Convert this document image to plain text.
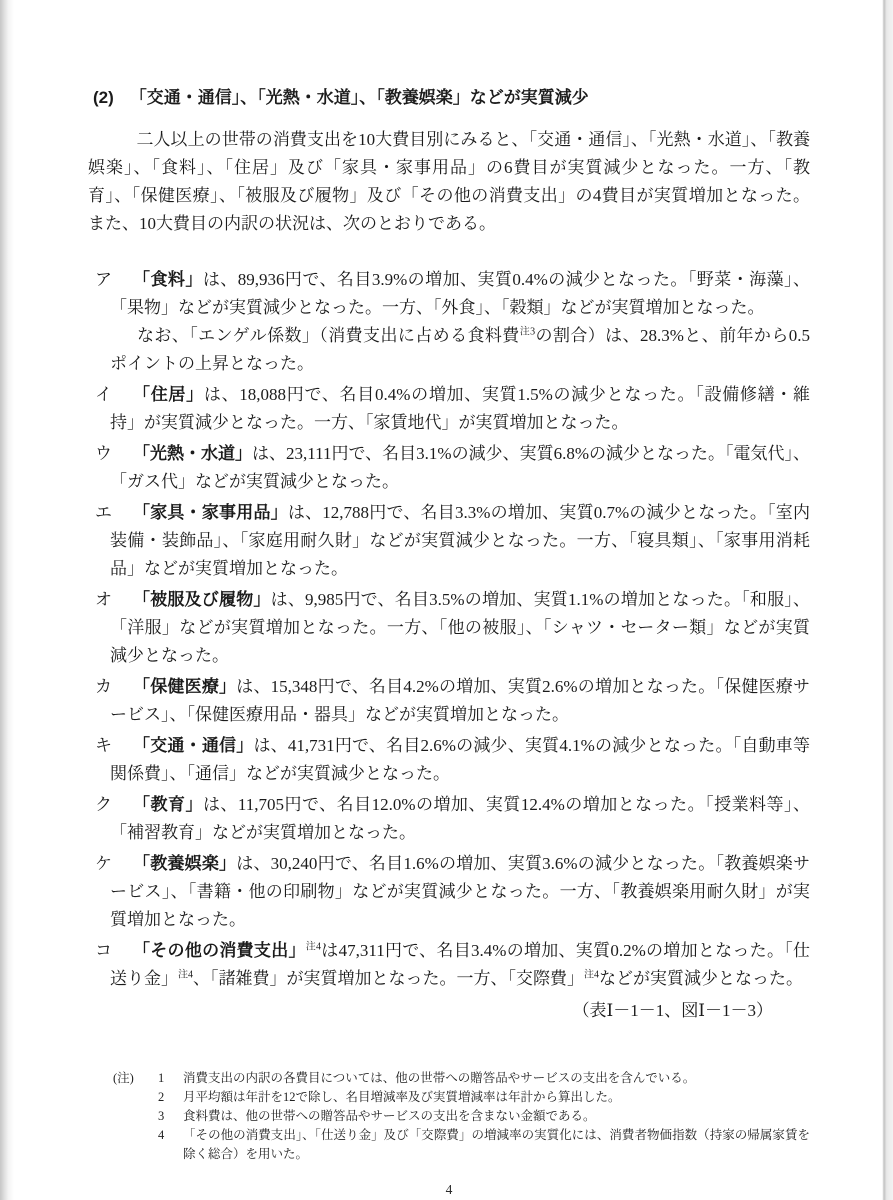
(2) 「交通・通信」、「光熱・水道」、「教養娯楽」などが実質減少

二人以上の世帯の消費支出を10大費目別にみると、「交通・通信」、「光熱・水道」、「教養娯楽」、「食料」、「住居」及び「家具・家事用品」の6費目が実質減少となった。一方、「教育」、「保健医療」、「被服及び履物」及び「その他の消費支出」の4費目が実質増加となった。また、10大費目の内訳の状況は、次のとおりである。

ア	「食料」は、89,936円で、名目3.9%の増加、実質0.4%の減少となった。「野菜・海藻」、「果物」などが実質減少となった。一方、「外食」、「穀類」などが実質増加となった。

なお、「エンゲル係数」（消費支出に占める食料費$^{注3}$の割合）は、28.3%と、前年から0.5ポイントの上昇となった。

イ	「住居」は、18,088円で、名目0.4%の増加、実質1.5%の減少となった。「設備修繕・維持」が実質減少となった。一方、「家賃地代」が実質増加となった。

ウ	「光熱・水道」は、23,111円で、名目3.1%の減少、実質6.8%の減少となった。「電気代」、「ガス代」などが実質減少となった。

エ	「家具・家事用品」は、12,788円で、名目3.3%の増加、実質0.7%の減少となった。「室内装備・装飾品」、「家庭用耐久財」などが実質減少となった。一方、「寝具類」、「家事用消耗品」などが実質増加となった。

オ	「被服及び履物」は、9,985円で、名目3.5%の増加、実質1.1%の増加となった。「和服」、「洋服」などが実質増加となった。一方、「他の被服」、「シャツ・セーター類」などが実質減少となった。

カ	「保健医療」は、15,348円で、名目4.2%の増加、実質2.6%の増加となった。「保健医療サービス」、「保健医療用品・器具」などが実質増加となった。

キ	「交通・通信」は、41,731円で、名目2.6%の減少、実質4.1%の減少となった。「自動車等関係費」、「通信」などが実質減少となった。

ク	「教育」は、11,705円で、名目12.0%の増加、実質12.4%の増加となった。「授業料等」、「補習教育」などが実質増加となった。

ケ	「教養娯楽」は、30,240円で、名目1.6%の増加、実質3.6%の減少となった。「教養娯楽サービス」、「書籍・他の印刷物」などが実質減少となった。一方、「教養娯楽用耐久財」が実質増加となった。

コ	「その他の消費支出」$^{注4}$は47,311円で、名目3.4%の増加、実質0.2%の増加となった。「仕送り金」$^{注4}$、「諸雑費」が実質増加となった。一方、「交際費」$^{注4}$などが実質減少となった。

（表Ⅰ－1－1、図Ⅰ－1－3）

(注) 1 消費支出の内訳の各費目については、他の世帯への贈答品やサービスの支出を含んでいる。
2 月平均額は年計を12で除し、名目増減率及び実質増減率は年計から算出した。
3 食料費は、他の世帯への贈答品やサービスの支出を含まない金額である。
4 「その他の消費支出」、「仕送り金」及び「交際費」の増減率の実質化には、消費者物価指数（持家の帰属家賃を除く総合）を用いた。
4
